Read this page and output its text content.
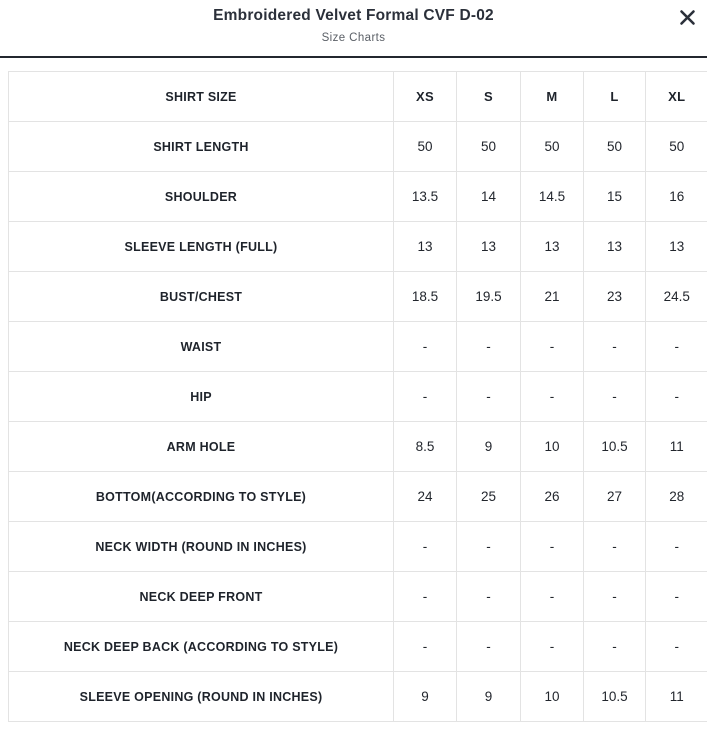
Embroidered Velvet Formal CVF D-02
Size Charts
SHIRT SIZE	XS	S	M	L	XL
SHIRT LENGTH	50	50	50	50	50
SHOULDER	13.5	14	14.5	15	16
SLEEVE LENGTH (FULL)	13	13	13	13	13
BUST/CHEST	18.5	19.5	21	23	24.5
WAIST	-	-	-	-	-
HIP	-	-	-	-	-
ARM HOLE	8.5	9	10	10.5	11
BOTTOM(ACCORDING TO STYLE)	24	25	26	27	28
NECK WIDTH (ROUND IN INCHES)	-	-	-	-	-
NECK DEEP FRONT	-	-	-	-	-
NECK DEEP BACK (ACCORDING TO STYLE)	-	-	-	-	-
SLEEVE OPENING (ROUND IN INCHES)	9	9	10	10.5	11
